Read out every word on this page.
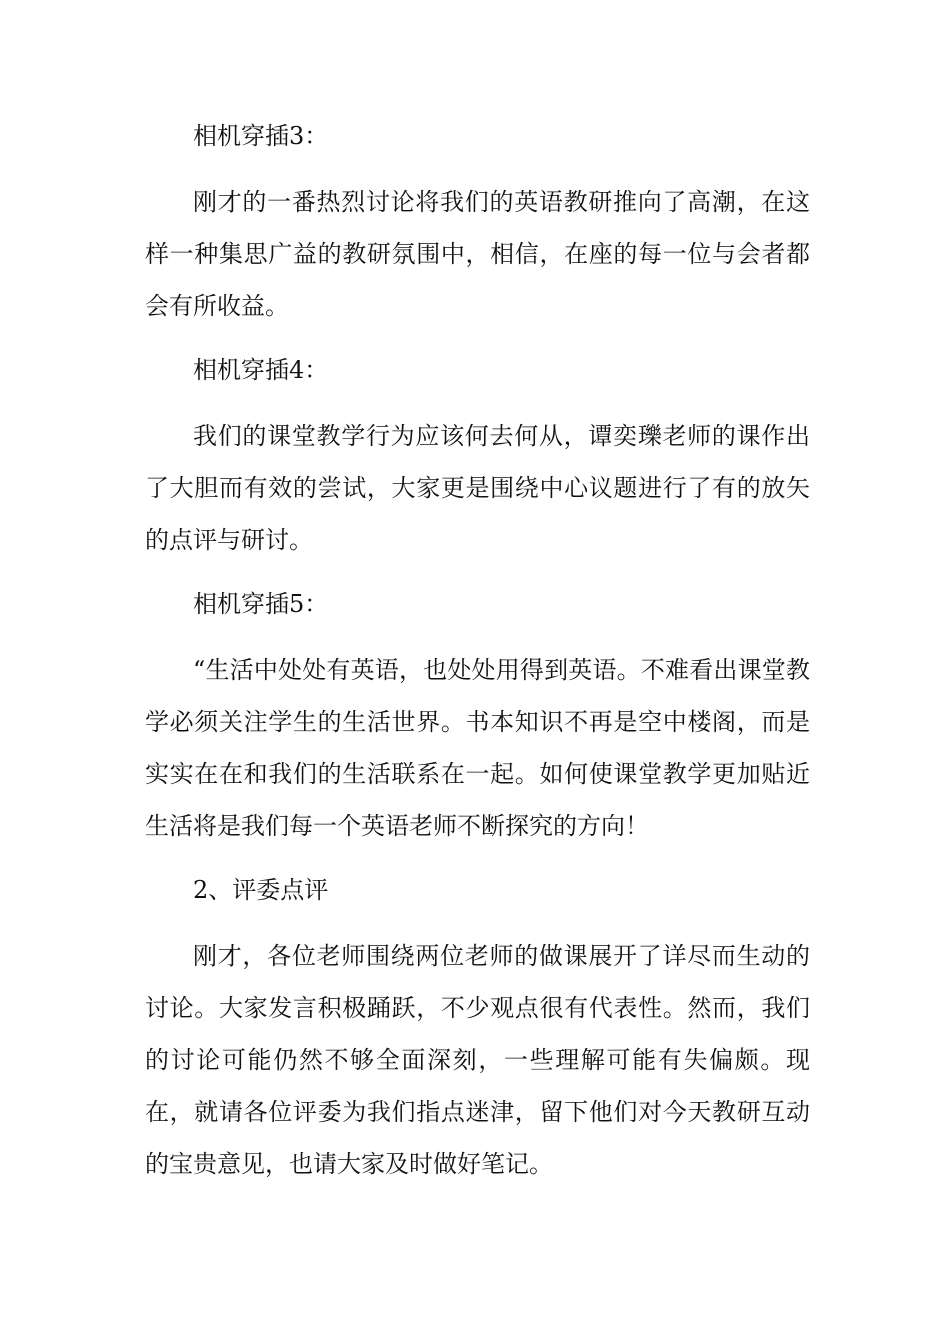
相机穿插3：

刚才的一番热烈讨论将我们的英语教研推向了高潮，在这样一种集思广益的教研氛围中，相信，在座的每一位与会者都会有所收益。

相机穿插4：

我们的课堂教学行为应该何去何从，谭奕瓅老师的课作出了大胆而有效的尝试，大家更是围绕中心议题进行了有的放矢的点评与研讨。

相机穿插5：

“生活中处处有英语，也处处用得到英语。不难看出课堂教学必须关注学生的生活世界。书本知识不再是空中楼阁，而是实实在在和我们的生活联系在一起。如何使课堂教学更加贴近生活将是我们每一个英语老师不断探究的方向！

2、评委点评

刚才，各位老师围绕两位老师的做课展开了详尽而生动的讨论。大家发言积极踊跃，不少观点很有代表性。然而，我们的讨论可能仍然不够全面深刻，一些理解可能有失偏颇。现在，就请各位评委为我们指点迷津，留下他们对今天教研互动的宝贵意见，也请大家及时做好笔记。
